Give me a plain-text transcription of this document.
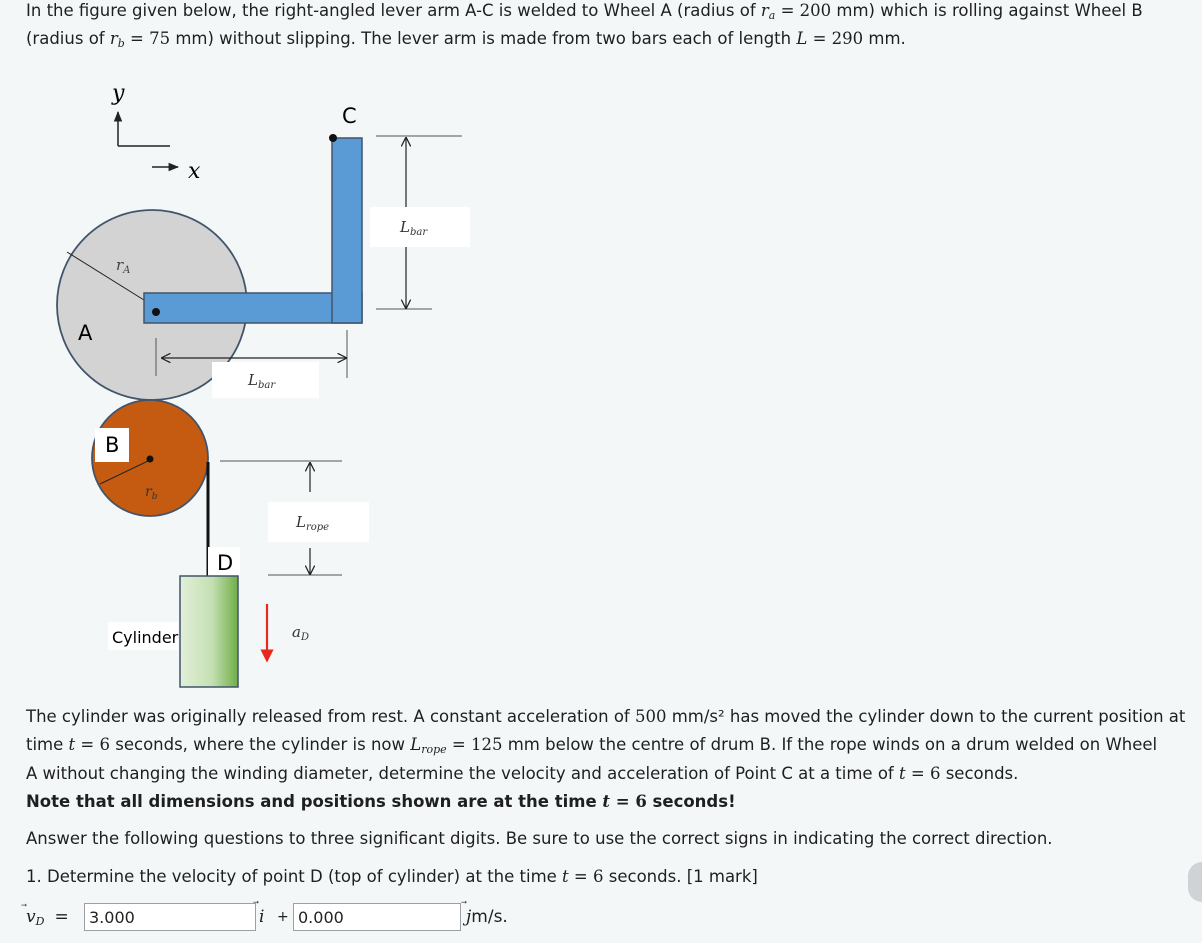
In the figure given below, the right-angled lever arm A-C is welded to Wheel A (radius of $r_a = 200$ mm) which is rolling against Wheel B
(radius of $r_b = 75$ mm) without slipping. The lever arm is made from two bars each of length L = 290 mm.
y
x
$r_A$
A
C
$L_{bar}$
$L_{bar}$
$r_b$
B
$L_{rope}$
D
Cylinder	$a_D$
The cylinder was originally released from rest. A constant acceleration of 500 mm/s² has moved the cylinder down to the current position at
time t = 6 seconds, where the cylinder is now $L_{rope} = 125$ mm below the centre of drum B. If the rope winds on a drum welded on Wheel
A without changing the winding diameter, determine the velocity and acceleration of Point C at a time of t = 6 seconds.
Note that all dimensions and positions shown are at the time t = 6 seconds!
Answer the following questions to three significant digits. Be sure to use the correct signs in indicating the correct direction.
1. Determine the velocity of point D (top of cylinder) at the time t = 6 seconds. [1 mark]
$v_D$ =
3.000	i +
0.000	j
m/s.
